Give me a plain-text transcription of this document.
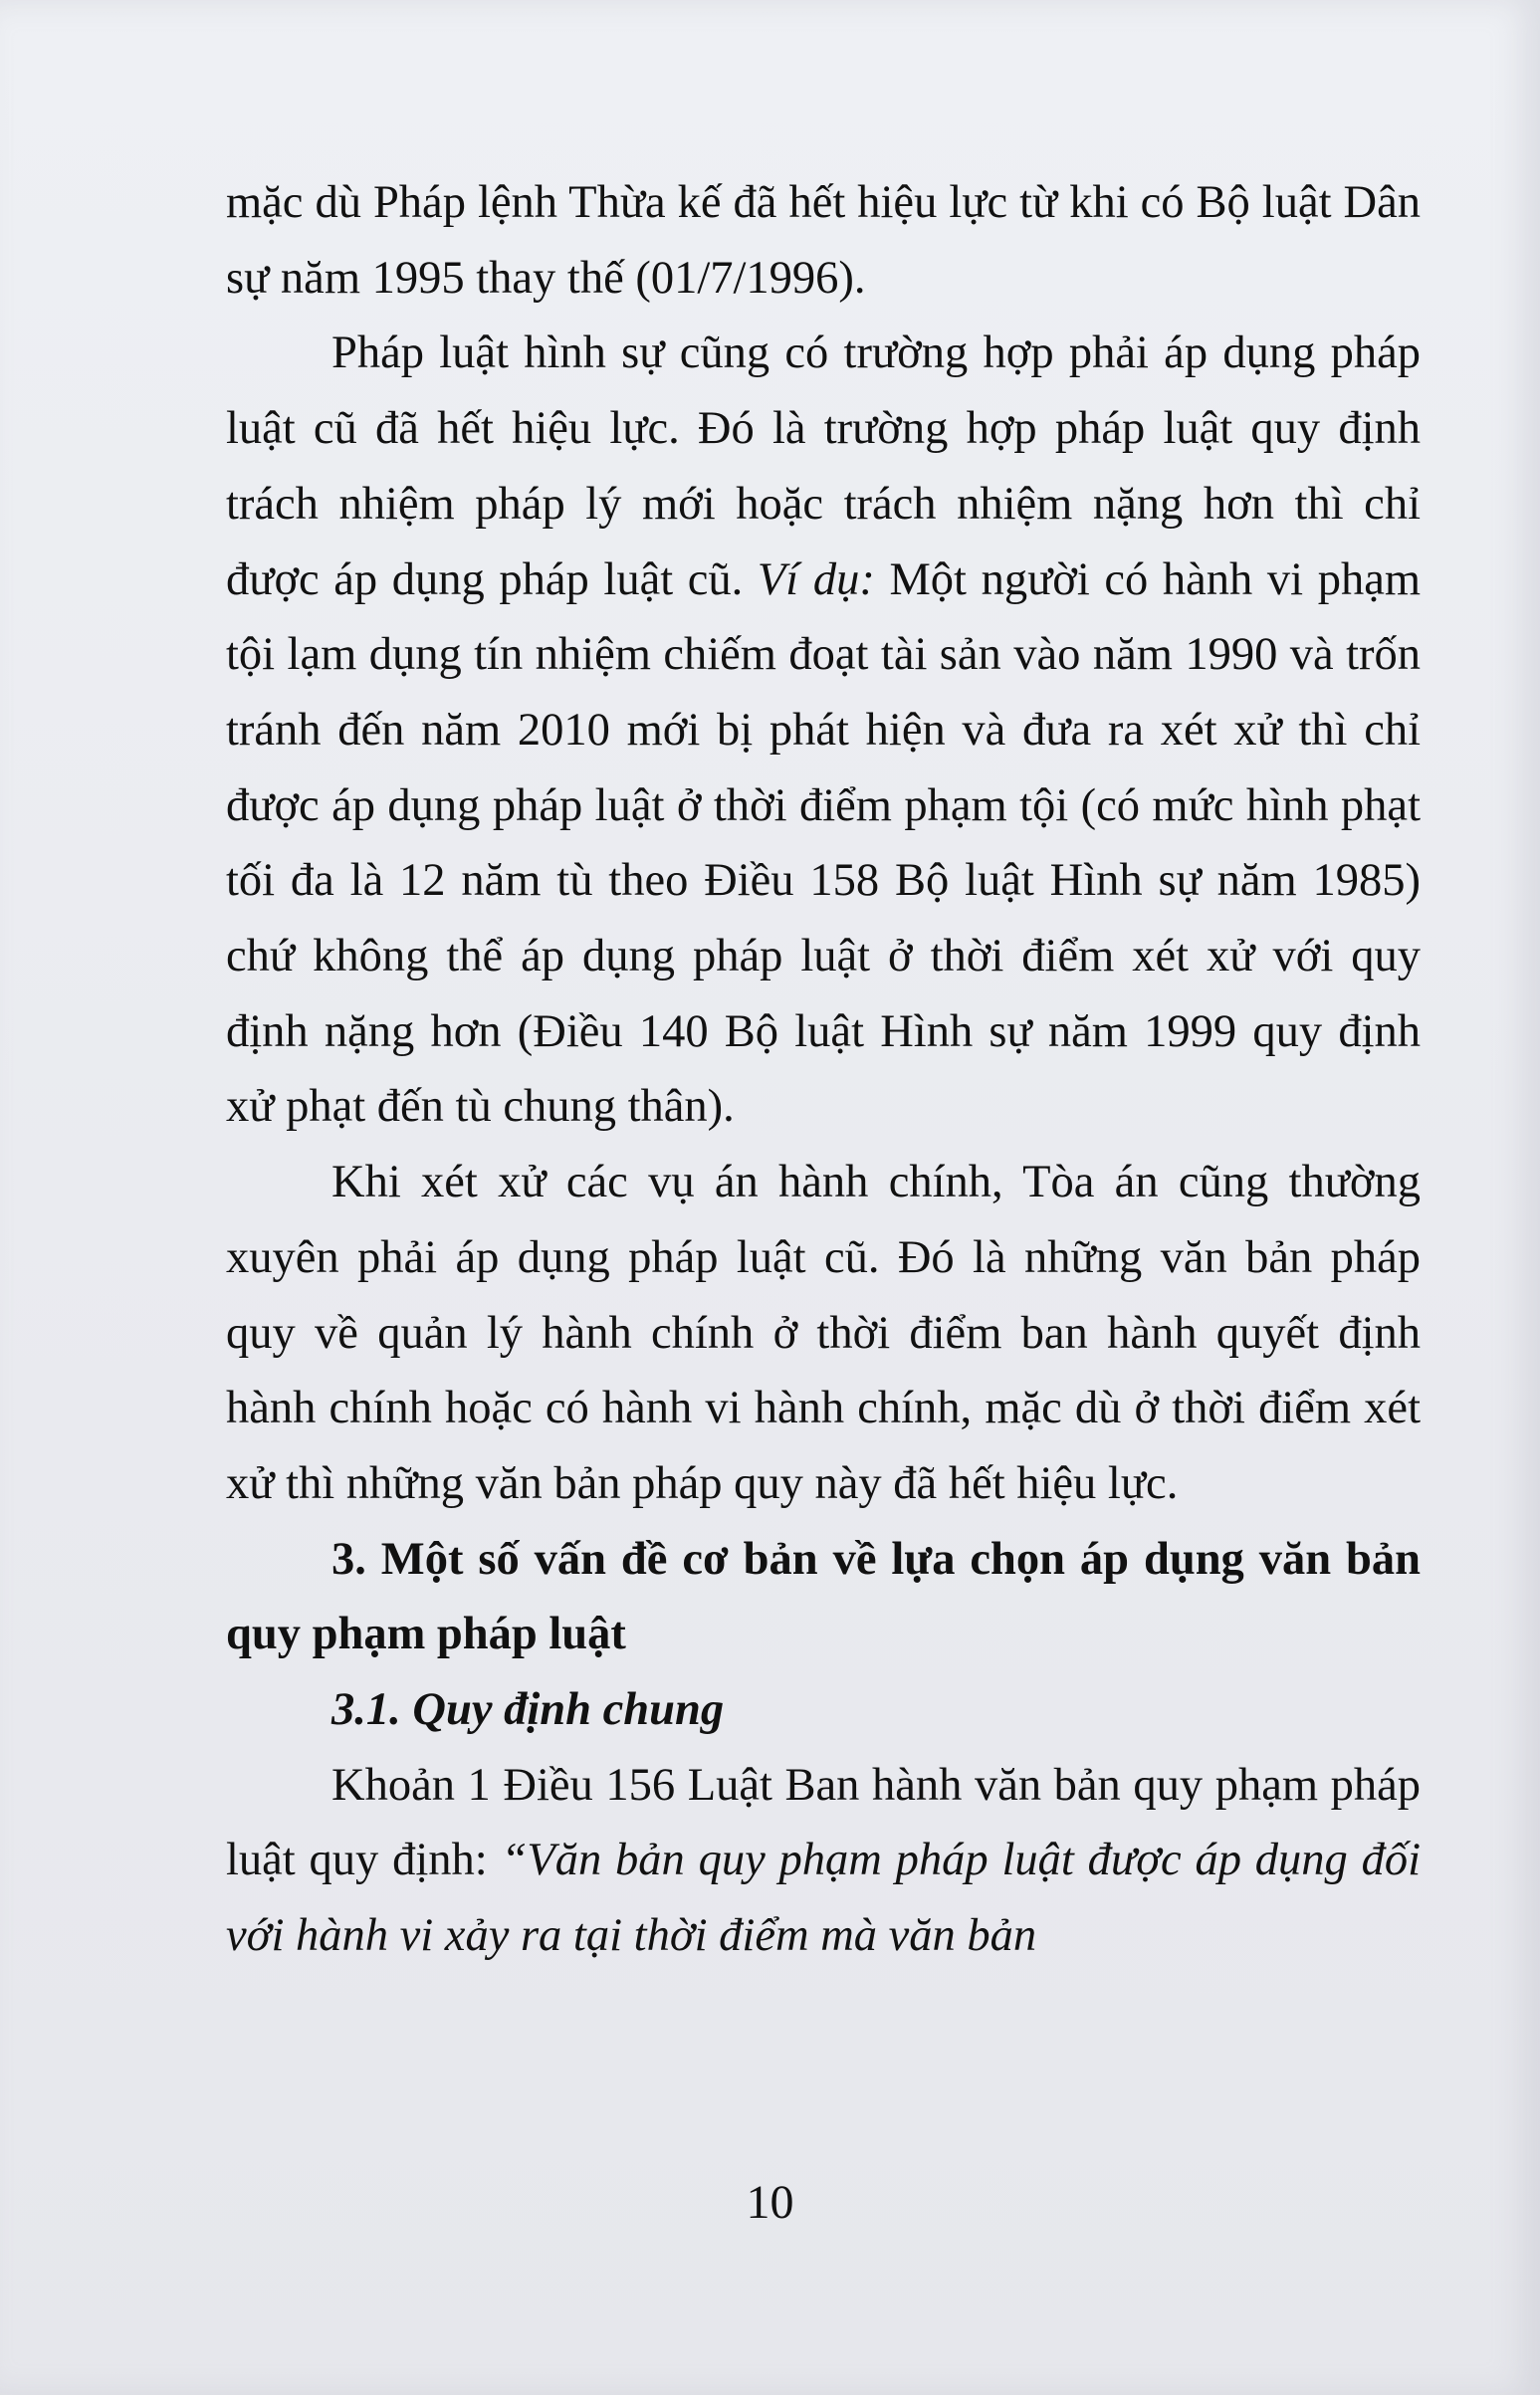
mặc dù Pháp lệnh Thừa kế đã hết hiệu lực từ khi có Bộ luật Dân sự năm 1995 thay thế (01/7/1996).

Pháp luật hình sự cũng có trường hợp phải áp dụng pháp luật cũ đã hết hiệu lực. Đó là trường hợp pháp luật quy định trách nhiệm pháp lý mới hoặc trách nhiệm nặng hơn thì chỉ được áp dụng pháp luật cũ. Ví dụ: Một người có hành vi phạm tội lạm dụng tín nhiệm chiếm đoạt tài sản vào năm 1990 và trốn tránh đến năm 2010 mới bị phát hiện và đưa ra xét xử thì chỉ được áp dụng pháp luật ở thời điểm phạm tội (có mức hình phạt tối đa là 12 năm tù theo Điều 158 Bộ luật Hình sự năm 1985) chứ không thể áp dụng pháp luật ở thời điểm xét xử với quy định nặng hơn (Điều 140 Bộ luật Hình sự năm 1999 quy định xử phạt đến tù chung thân).

Khi xét xử các vụ án hành chính, Tòa án cũng thường xuyên phải áp dụng pháp luật cũ. Đó là những văn bản pháp quy về quản lý hành chính ở thời điểm ban hành quyết định hành chính hoặc có hành vi hành chính, mặc dù ở thời điểm xét xử thì những văn bản pháp quy này đã hết hiệu lực.

3. Một số vấn đề cơ bản về lựa chọn áp dụng văn bản quy phạm pháp luật

3.1. Quy định chung

Khoản 1 Điều 156 Luật Ban hành văn bản quy phạm pháp luật quy định: “Văn bản quy phạm pháp luật được áp dụng đối với hành vi xảy ra tại thời điểm mà văn bản

10
